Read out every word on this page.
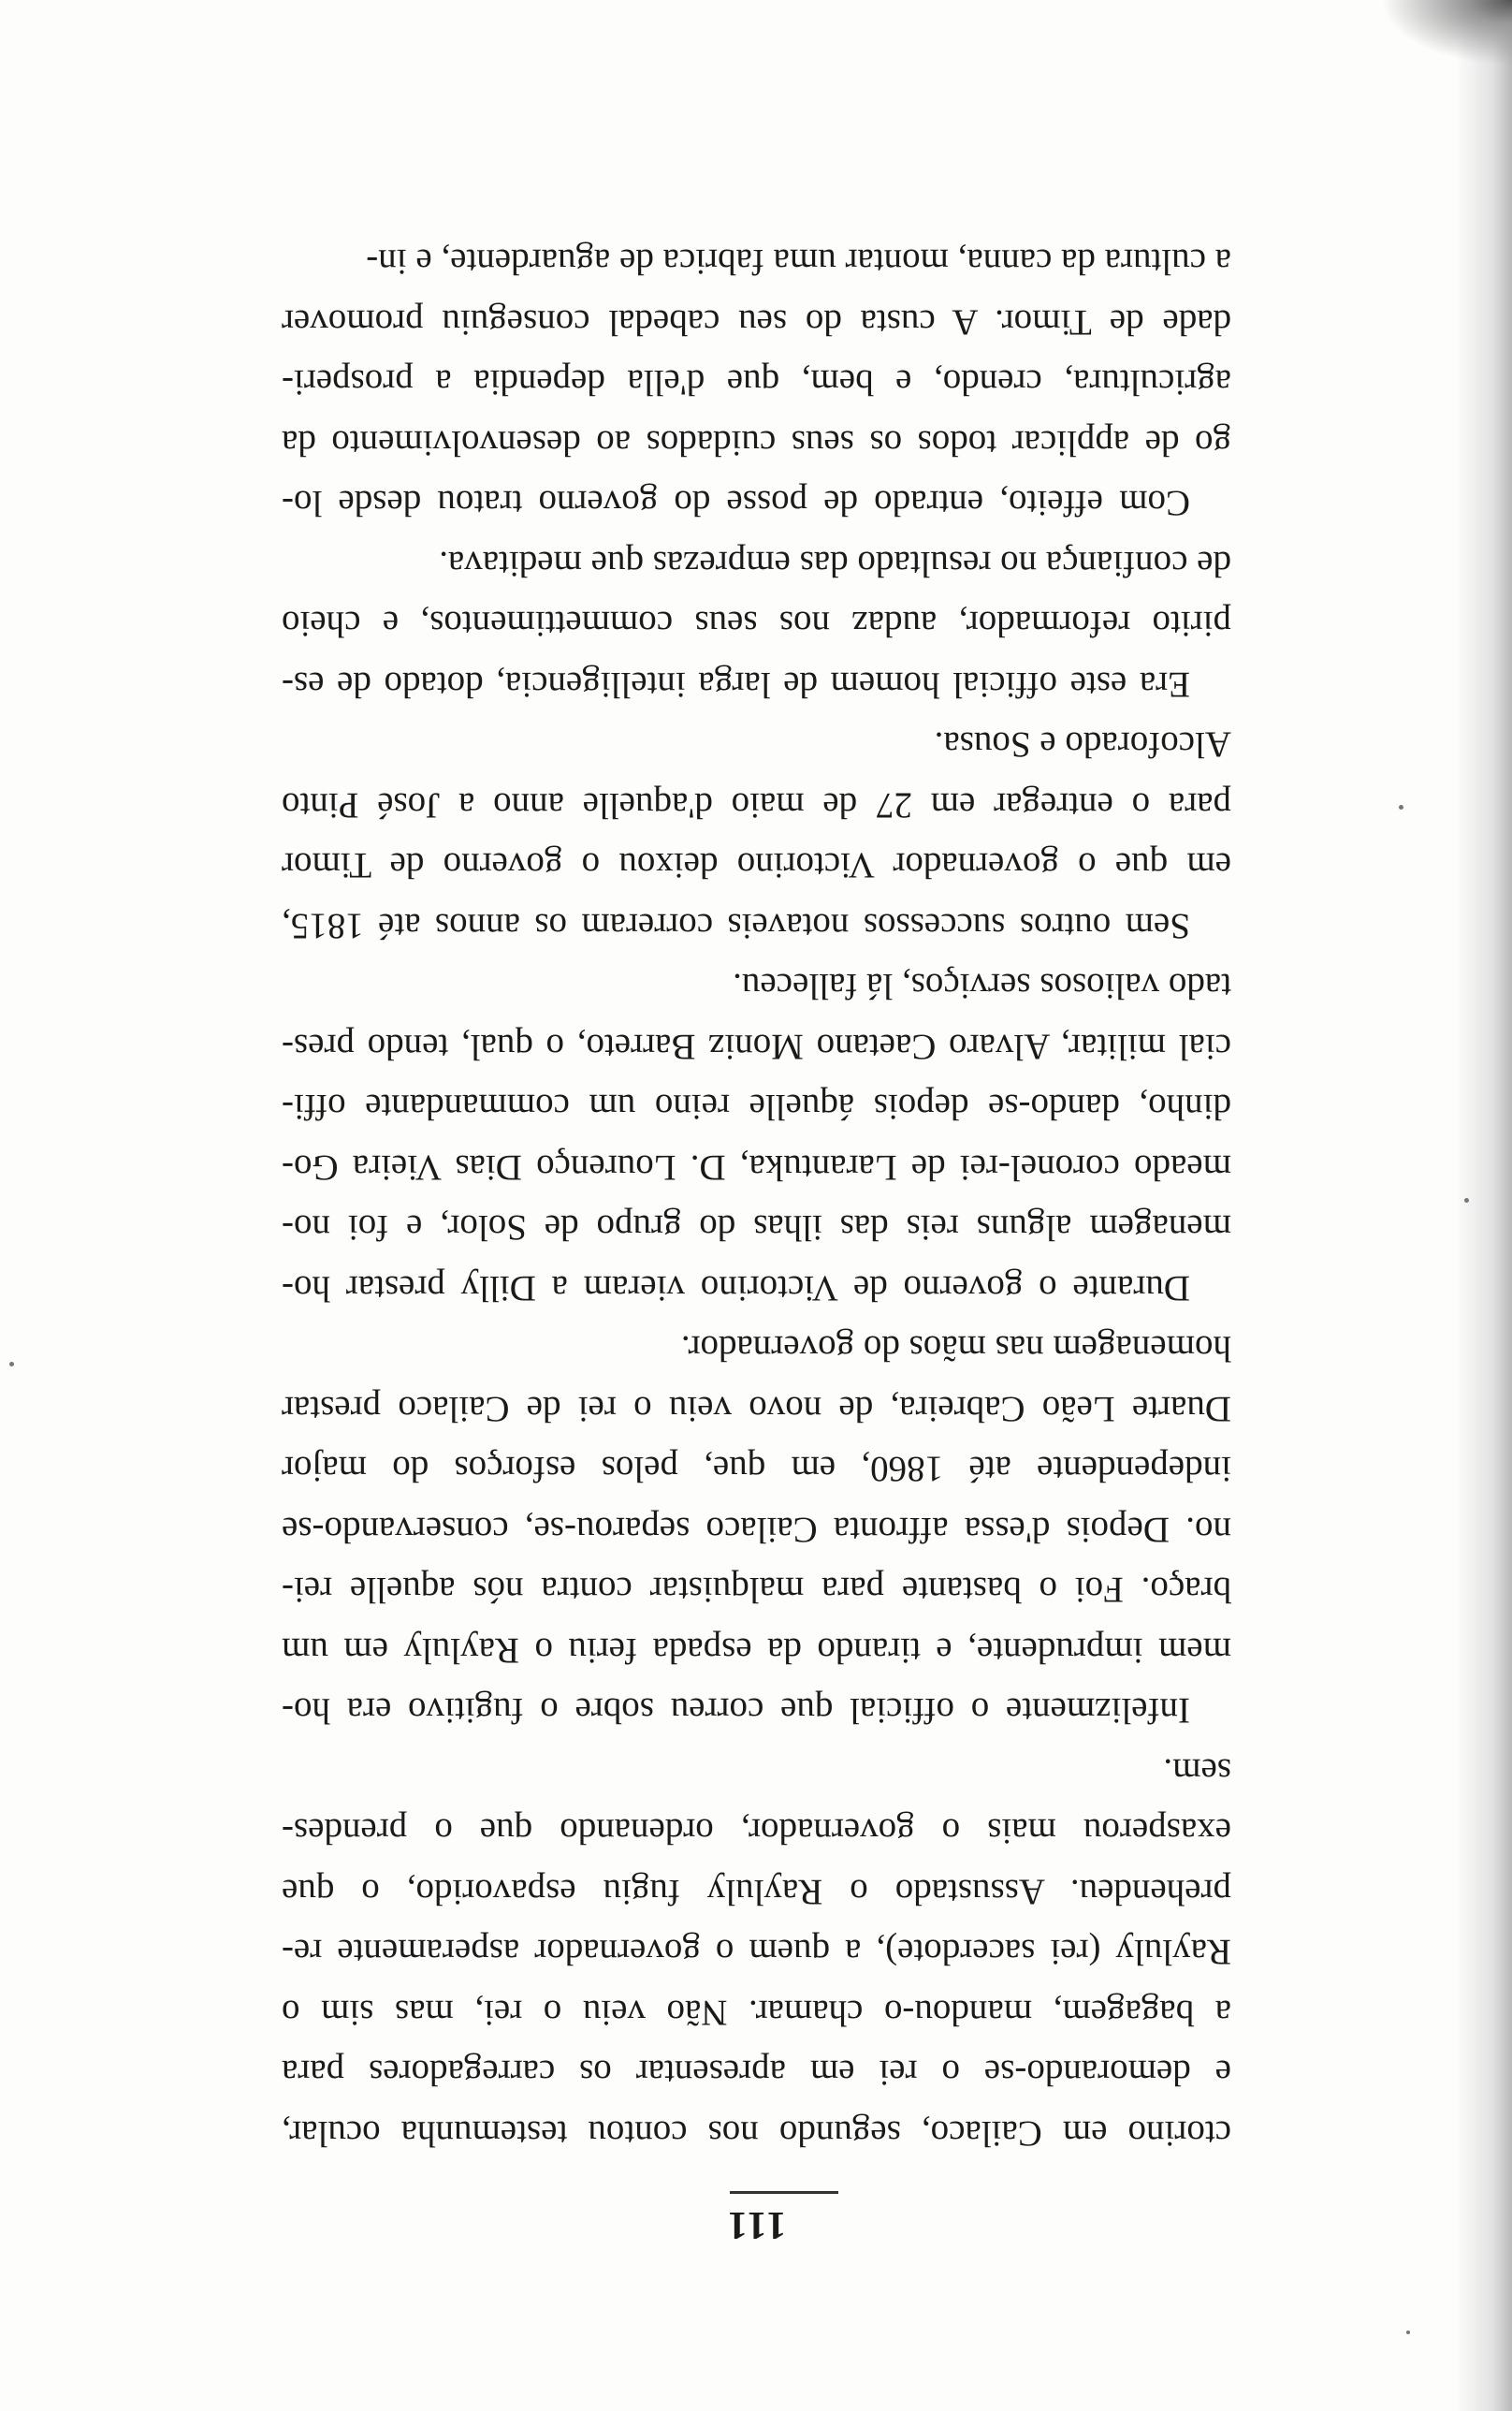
111
ctorino em Cailaco, segundo nos contou testemunha ocular,
e demorando-se o rei em apresentar os carregadores para
a bagagem, mandou-o chamar. Não veiu o rei, mas sim o
Rayluly (rei sacerdote), a quem o governador asperamente re-
prehendeu. Assustado o Rayluly fugiu espavorido, o que
exasperou mais o governador, ordenando que o prendes-
sem.
Infelizmente o official que correu sobre o fugitivo era ho-
mem imprudente, e tirando da espada feriu o Rayluly em um
braço. Foi o bastante para malquistar contra nós aquelle rei-
no. Depois d'essa affronta Cailaco separou-se, conservando-se
independente até 1860, em que, pelos esforços do major
Duarte Leão Cabreira, de novo veiu o rei de Cailaco prestar
homenagem nas mãos do governador.
Durante o governo de Victorino vieram a Dilly prestar ho-
menagem alguns reis das ilhas do grupo de Solor, e foi no-
meado coronel-rei de Larantuka, D. Lourenço Dias Vieira Go-
dinho, dando-se depois áquelle reino um commandante offi-
cial militar, Alvaro Caetano Moniz Barreto, o qual, tendo pres-
tado valiosos serviços, lá falleceu.
Sem outros successos notaveis correram os annos até 1815,
em que o governador Victorino deixou o governo de Timor
para o entregar em 27 de maio d'aquelle anno a José Pinto
Alcoforado e Sousa.
Era este official homem de larga intelligencia, dotado de es-
pirito reformador, audaz nos seus commettimentos, e cheio
de confiança no resultado das emprezas que meditava.
Com effeito, entrado de posse do governo tratou desde lo-
go de applicar todos os seus cuidados ao desenvolvimento da
agricultura, crendo, e bem, que d'ella dependia a prosperi-
dade de Timor. A custa do seu cabedal conseguiu promover
a cultura da canna, montar uma fabrica de aguardente, e in-
